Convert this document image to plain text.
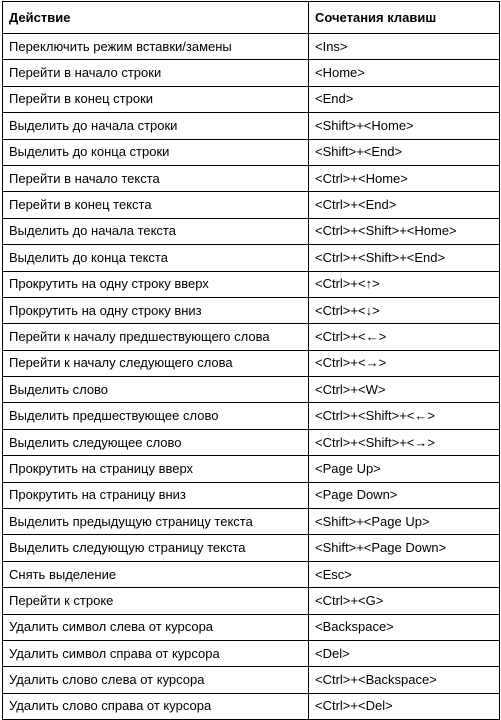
Действие	Сочетания клавиш
Переключить режим вставки/замены	<Ins>
Перейти в начало строки	<Home>
Перейти в конец строки	<End>
Выделить до начала строки	<Shift>+<Home>
Выделить до конца строки	<Shift>+<End>
Перейти в начало текста	<Ctrl>+<Home>
Перейти в конец текста	<Ctrl>+<End>
Выделить до начала текста	<Ctrl>+<Shift>+<Home>
Выделить до конца текста	<Ctrl>+<Shift>+<End>
Прокрутить на одну строку вверх	<Ctrl>+<↑>
Прокрутить на одну строку вниз	<Ctrl>+<↓>
Перейти к началу предшествующего слова	<Ctrl>+<←>
Перейти к началу следующего слова	<Ctrl>+<→>
Выделить слово	<Ctrl>+<W>
Выделить предшествующее слово	<Ctrl>+<Shift>+<←>
Выделить следующее слово	<Ctrl>+<Shift>+<→>
Прокрутить на страницу вверх	<Page Up>
Прокрутить на страницу вниз	<Page Down>
Выделить предыдущую страницу текста	<Shift>+<Page Up>
Выделить следующую страницу текста	<Shift>+<Page Down>
Снять выделение	<Esc>
Перейти к строке	<Ctrl>+<G>
Удалить символ слева от курсора	<Backspace>
Удалить символ справа от курсора	<Del>
Удалить слово слева от курсора	<Ctrl>+<Backspace>
Удалить слово справа от курсора	<Ctrl>+<Del>
